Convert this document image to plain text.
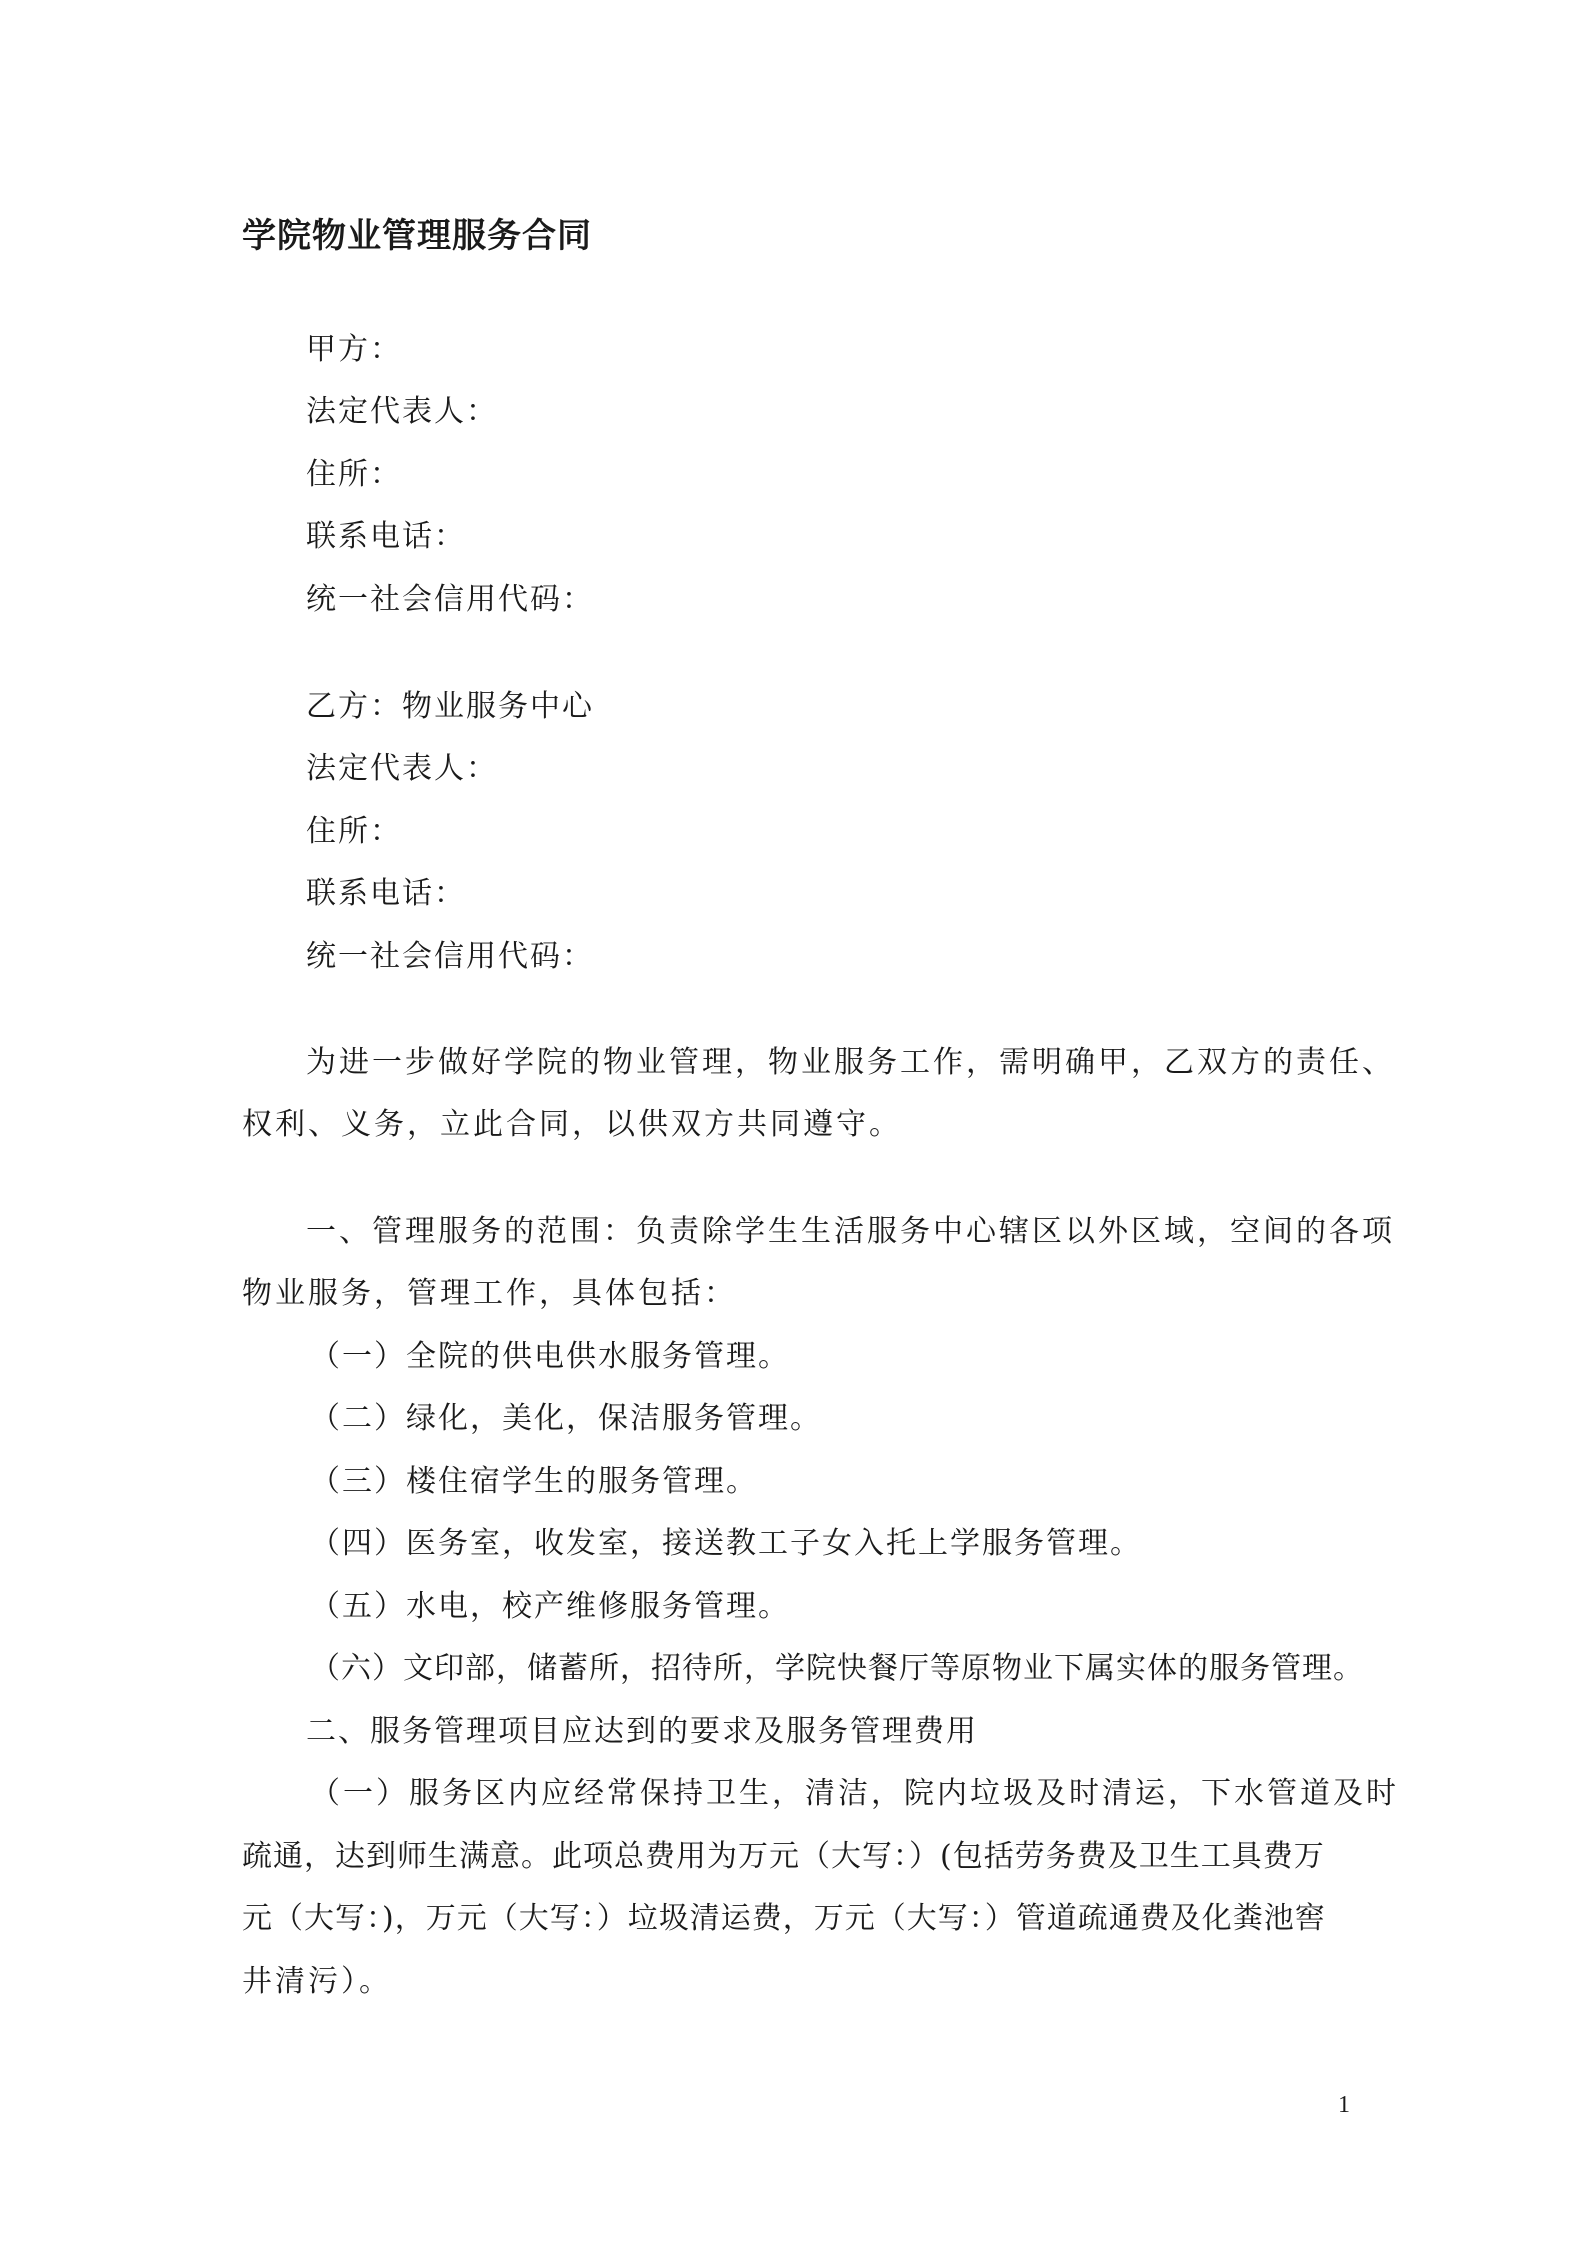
学院物业管理服务合同
甲方：
法定代表人：
住所：
联系电话：
统一社会信用代码：
乙方：物业服务中心
法定代表人：
住所：
联系电话：
统一社会信用代码：
为进一步做好学院的物业管理，物业服务工作，需明确甲，乙双方的责任、
权利、义务，立此合同，以供双方共同遵守。
一、管理服务的范围：负责除学生生活服务中心辖区以外区域，空间的各项
物业服务，管理工作，具体包括：
（一）全院的供电供水服务管理。
（二）绿化，美化，保洁服务管理。
（三）楼住宿学生的服务管理。
（四）医务室，收发室，接送教工子女入托上学服务管理。
（五）水电，校产维修服务管理。
（六）文印部，储蓄所，招待所，学院快餐厅等原物业下属实体的服务管理。
二、服务管理项目应达到的要求及服务管理费用
（一）服务区内应经常保持卫生，清洁，院内垃圾及时清运，下水管道及时
疏通，达到师生满意。此项总费用为万元（大写：）(包括劳务费及卫生工具费万
元（大写：)，万元（大写：）垃圾清运费，万元（大写：）管道疏通费及化粪池窖
井清污）。
1
